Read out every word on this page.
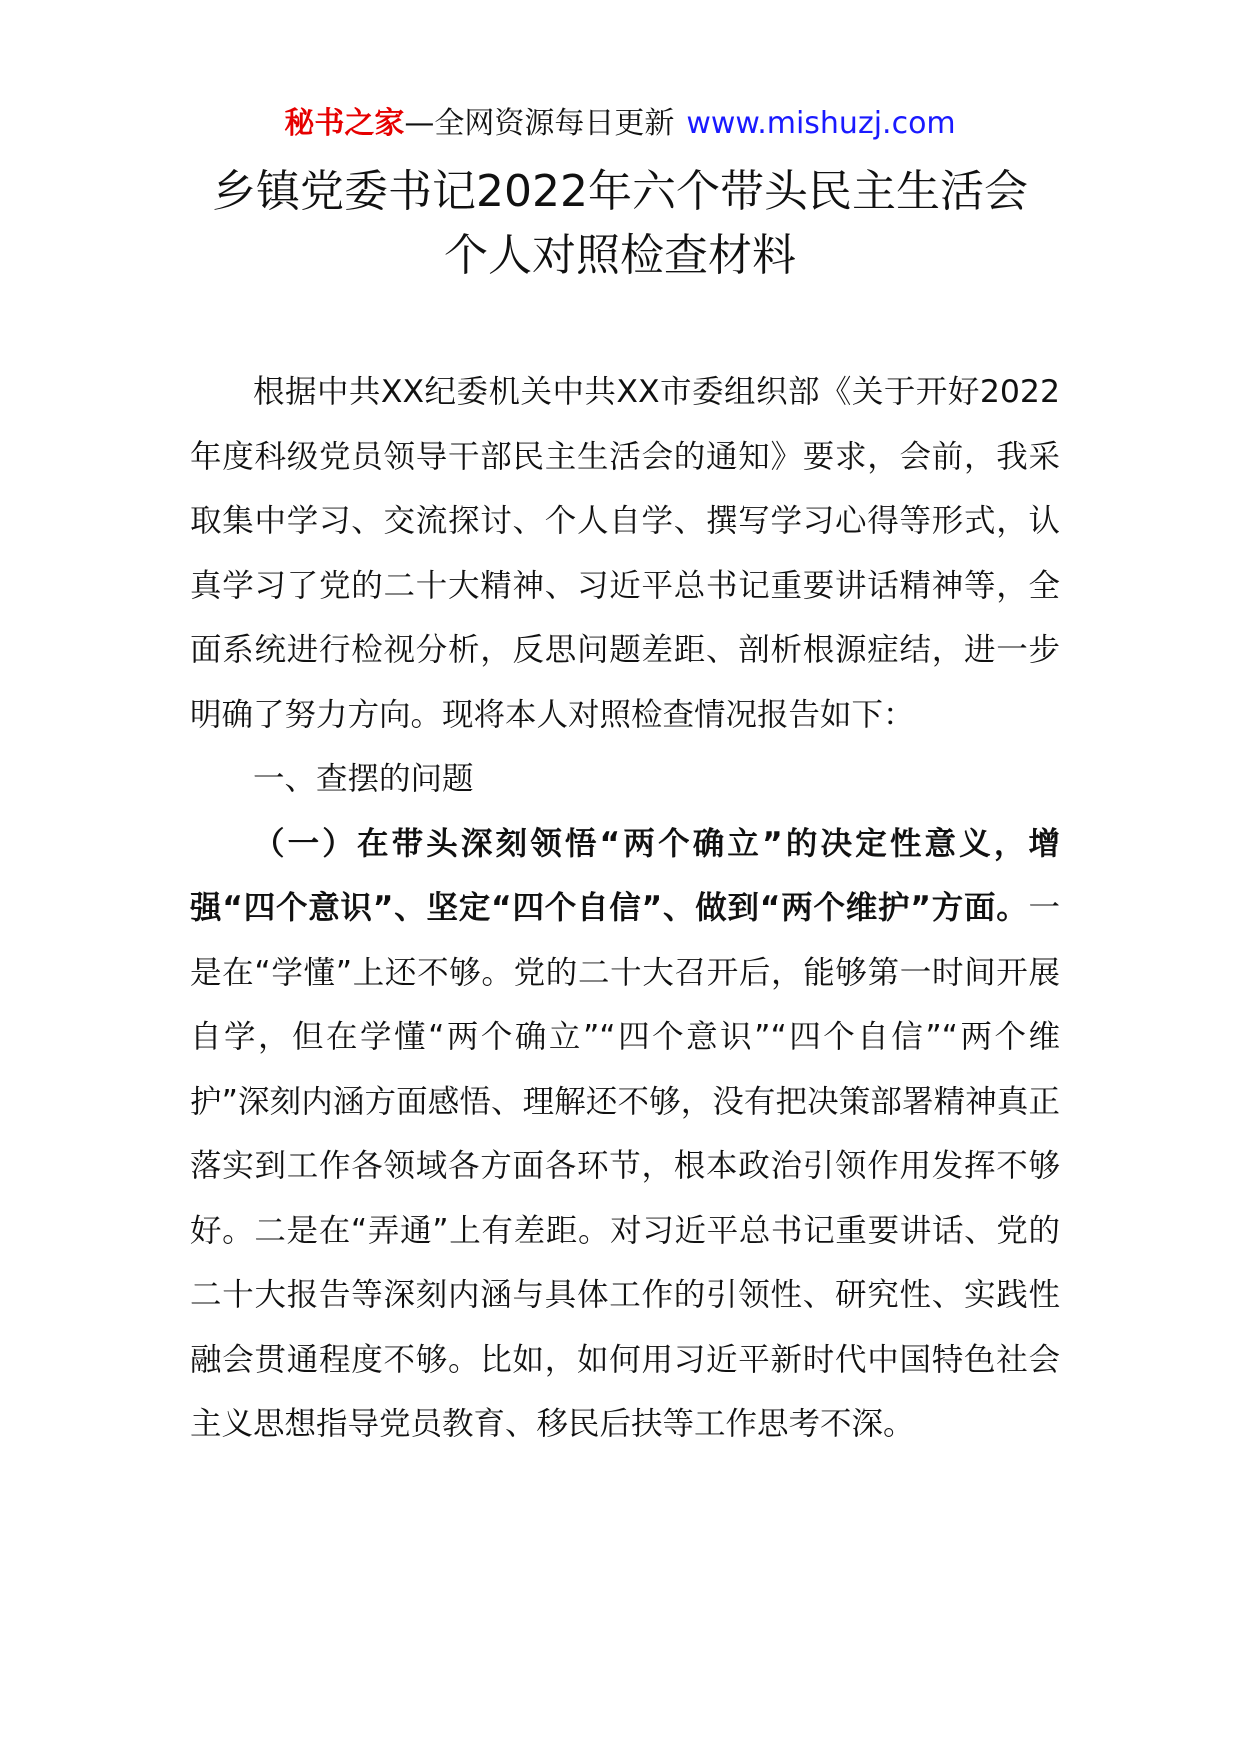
秘书之家—全网资源每日更新 www.mishuzj.com
乡镇党委书记2022年六个带头民主生活会
个人对照检查材料

根据中共XX纪委机关中共XX市委组织部《关于开好2022年度科级党员领导干部民主生活会的通知》要求，会前，我采取集中学习、交流探讨、个人自学、撰写学习心得等形式，认真学习了党的二十大精神、习近平总书记重要讲话精神等，全面系统进行检视分析，反思问题差距、剖析根源症结，进一步明确了努力方向。现将本人对照检查情况报告如下：

一、查摆的问题

（一）在带头深刻领悟“两个确立”的决定性意义，增强“四个意识”、坚定“四个自信”、做到“两个维护”方面。一是在“学懂”上还不够。党的二十大召开后，能够第一时间开展自学，但在学懂“两个确立”“四个意识”“四个自信”“两个维护”深刻内涵方面感悟、理解还不够，没有把决策部署精神真正落实到工作各领域各方面各环节，根本政治引领作用发挥不够好。二是在“弄通”上有差距。对习近平总书记重要讲话、党的二十大报告等深刻内涵与具体工作的引领性、研究性、实践性融会贯通程度不够。比如，如何用习近平新时代中国特色社会主义思想指导党员教育、移民后扶等工作思考不深。
